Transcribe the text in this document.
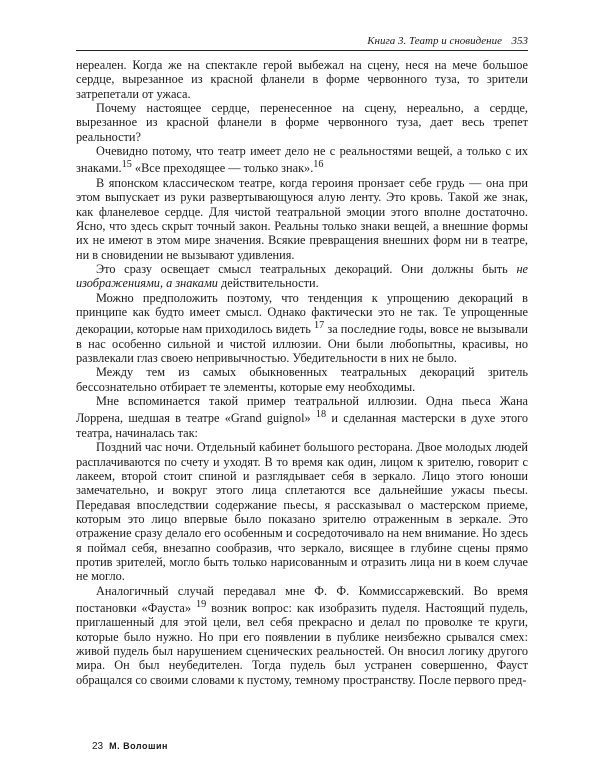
Книга 3. Театр и сновидение 353

нереален. Когда же на спектакле герой выбежал на сцену, неся на мече большое сердце, вырезанное из красной фланели в форме червонного туза, то зрители затрепетали от ужаса.

Почему настоящее сердце, перенесенное на сцену, нереально, а сердце, вырезанное из красной фланели в форме червонного туза, дает весь трепет реальности?

Очевидно потому, что театр имеет дело не с реальностями вещей, а только с их знаками.$^{15}$ «Все преходящее — только знак».$^{16}$

В японском классическом театре, когда героиня пронзает себе грудь — она при этом выпускает из руки развертывающуюся алую ленту. Это кровь. Такой же знак, как фланелевое сердце. Для чистой театральной эмоции этого вполне достаточно. Ясно, что здесь скрыт точный закон. Реальны только знаки вещей, а внешние формы их не имеют в этом мире значения. Всякие превращения внешних форм ни в театре, ни в сновидении не вызывают удивления.

Это сразу освещает смысл театральных декораций. Они должны быть не изображениями, а знаками действительности.

Можно предположить поэтому, что тенденция к упрощению декораций в принципе как будто имеет смысл. Однако фактически это не так. Те упрощенные декорации, которые нам приходилось видеть $^{17}$ за последние годы, вовсе не вызывали в нас особенно сильной и чистой иллюзии. Они были любопытны, красивы, но развлекали глаз своею непривычностью. Убедительности в них не было.

Между тем из самых обыкновенных театральных декораций зритель бессознательно отбирает те элементы, которые ему необходимы.

Мне вспоминается такой пример театральной иллюзии. Одна пьеса Жана Лоррена, шедшая в театре «Grand guignol» $^{18}$ и сделанная мастерски в духе этого театра, начиналась так:

Поздний час ночи. Отдельный кабинет большого ресторана. Двое молодых людей расплачиваются по счету и уходят. В то время как один, лицом к зрителю, говорит с лакеем, второй стоит спиной и разглядывает себя в зеркало. Лицо этого юноши замечательно, и вокруг этого лица сплетаются все дальнейшие ужасы пьесы. Передавая впоследствии содержание пьесы, я рассказывал о мастерском приеме, которым это лицо впервые было показано зрителю отраженным в зеркале. Это отражение сразу делало его особенным и сосредоточивало на нем внимание. Но здесь я поймал себя, внезапно сообразив, что зеркало, висящее в глубине сцены прямо против зрителей, могло быть только нарисованным и отразить лица ни в коем случае не могло.

Аналогичный случай передавал мне Ф. Ф. Коммиссаржевский. Во время постановки «Фауста» $^{19}$ возник вопрос: как изобразить пуделя. Настоящий пудель, приглашенный для этой цели, вел себя прекрасно и делал по проволке те круги, которые было нужно. Но при его появлении в публике неизбежно срывался смех: живой пудель был нарушением сценических реальностей. Он вносил логику другого мира. Он был неубедителен. Тогда пудель был устранен совершенно, Фауст обращался со своими словами к пустому, темному пространству. После первого пред-

23 М. Волошин
